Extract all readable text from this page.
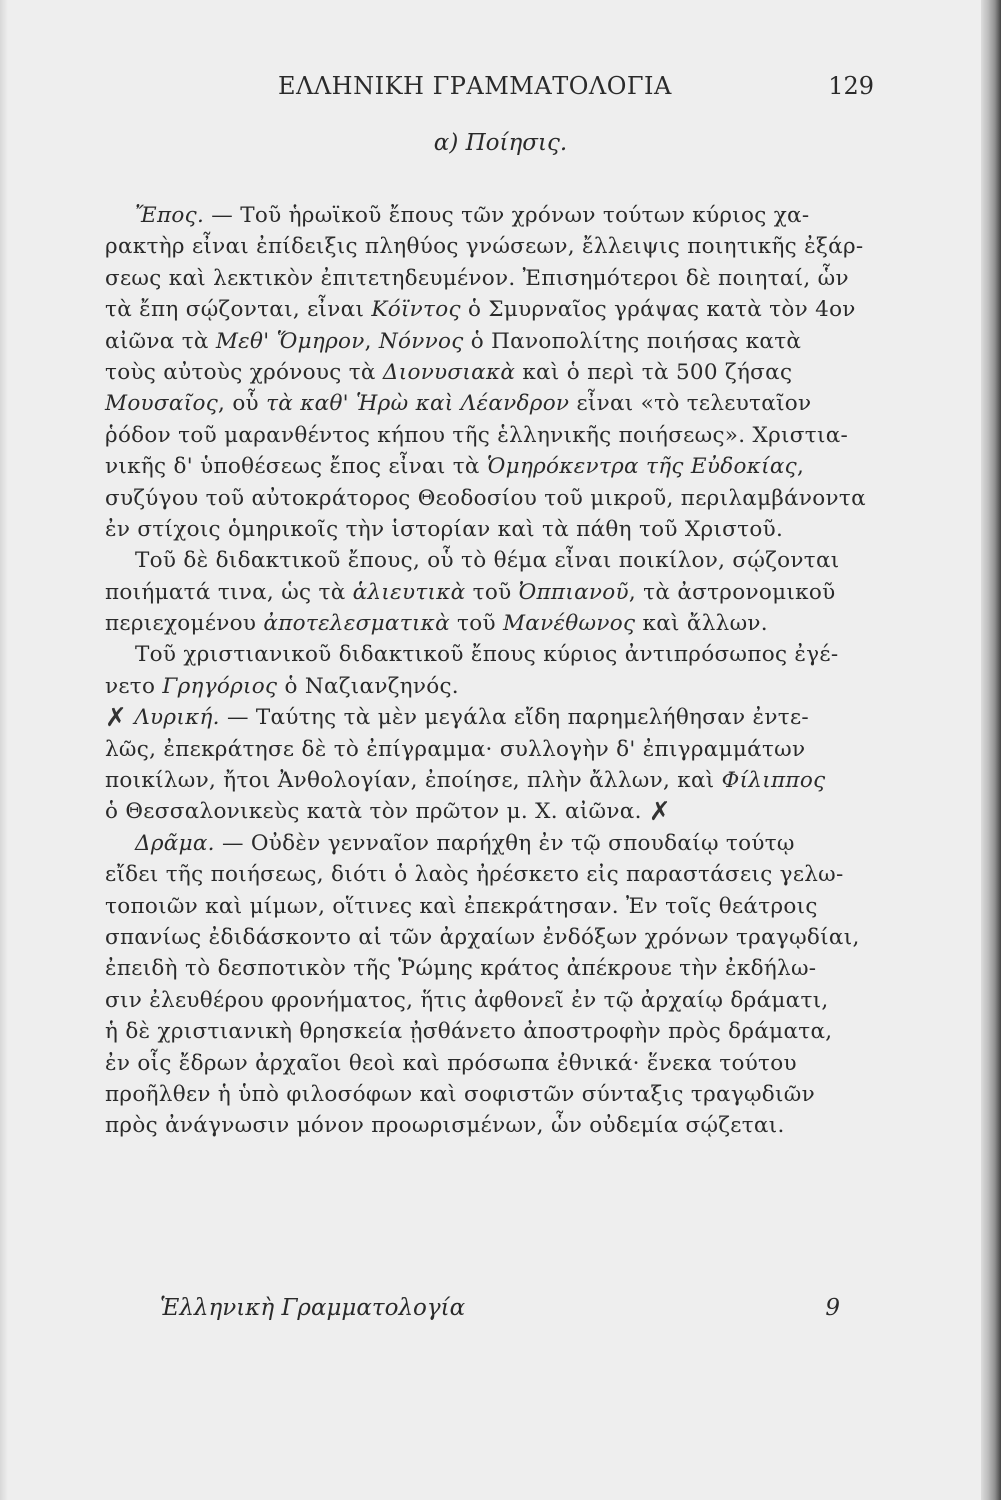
ΕΛΛΗΝΙΚΗ ΓΡΑΜΜΑΤΟΛΟΓΙΑ	129
α) Ποίησις.
Ἔπος. — Τοῦ ἡρωϊκοῦ ἔπους τῶν χρόνων τούτων κύριος χα-
ρακτὴρ εἶναι ἐπίδειξις πληθύος γνώσεων, ἔλλειψις ποιητικῆς ἐξάρ-
σεως καὶ λεκτικὸν ἐπιτετηδευμένον. Ἐπισημότεροι δὲ ποιηταί, ὧν
τὰ ἔπη σῴζονται, εἶναι Κόϊντος ὁ Σμυρναῖος γράψας κατὰ τὸν 4ον
αἰῶνα τὰ Μεθ' Ὅμηρον, Νόννος ὁ Πανοπολίτης ποιήσας κατὰ
τοὺς αὐτοὺς χρόνους τὰ Διονυσιακὰ καὶ ὁ περὶ τὰ 500 ζήσας
Μουσαῖος, οὗ τὰ καθ' Ἡρὼ καὶ Λέανδρον εἶναι «τὸ τελευταῖον
ῥόδον τοῦ μαρανθέντος κήπου τῆς ἑλληνικῆς ποιήσεως». Χριστια-
νικῆς δ' ὑποθέσεως ἔπος εἶναι τὰ Ὁμηρόκεντρα τῆς Εὐδοκίας,
συζύγου τοῦ αὐτοκράτορος Θεοδοσίου τοῦ μικροῦ, περιλαμβάνοντα
ἐν στίχοις ὁμηρικοῖς τὴν ἱστορίαν καὶ τὰ πάθη τοῦ Χριστοῦ.
Τοῦ δὲ διδακτικοῦ ἔπους, οὗ τὸ θέμα εἶναι ποικίλον, σῴζονται
ποιήματά τινα, ὡς τὰ ἁλιευτικὰ τοῦ Ὀππιανοῦ, τὰ ἀστρονομικοῦ
περιεχομένου ἀποτελεσματικὰ τοῦ Μανέθωνος καὶ ἄλλων.
Τοῦ χριστιανικοῦ διδακτικοῦ ἔπους κύριος ἀντιπρόσωπος ἐγέ-
νετο Γρηγόριος ὁ Ναζιανζηνός.
✗ Λυρική. — Ταύτης τὰ μὲν μεγάλα εἴδη παρημελήθησαν ἐντε-
λῶς, ἐπεκράτησε δὲ τὸ ἐπίγραμμα· συλλογὴν δ' ἐπιγραμμάτων
ποικίλων, ἤτοι Ἀνθολογίαν, ἐποίησε, πλὴν ἄλλων, καὶ Φίλιππος
ὁ Θεσσαλονικεὺς κατὰ τὸν πρῶτον μ. Χ. αἰῶνα. ✗
Δρᾶμα. — Οὐδὲν γενναῖον παρήχθη ἐν τῷ σπουδαίῳ τούτῳ
εἴδει τῆς ποιήσεως, διότι ὁ λαὸς ἠρέσκετο εἰς παραστάσεις γελω-
τοποιῶν καὶ μίμων, οἵτινες καὶ ἐπεκράτησαν. Ἐν τοῖς θεάτροις
σπανίως ἐδιδάσκοντο αἱ τῶν ἀρχαίων ἐνδόξων χρόνων τραγῳδίαι,
ἐπειδὴ τὸ δεσποτικὸν τῆς Ῥώμης κράτος ἀπέκρουε τὴν ἐκδήλω-
σιν ἐλευθέρου φρονήματος, ἥτις ἀφθονεῖ ἐν τῷ ἀρχαίῳ δράματι,
ἡ δὲ χριστιανικὴ θρησκεία ᾐσθάνετο ἀποστροφὴν πρὸς δράματα,
ἐν οἷς ἔδρων ἀρχαῖοι θεοὶ καὶ πρόσωπα ἐθνικά· ἕνεκα τούτου
προῆλθεν ἡ ὑπὸ φιλοσόφων καὶ σοφιστῶν σύνταξις τραγῳδιῶν
πρὸς ἀνάγνωσιν μόνον προωρισμένων, ὧν οὐδεμία σῴζεται.
Ἑλληνικὴ Γραμματολογία	9
